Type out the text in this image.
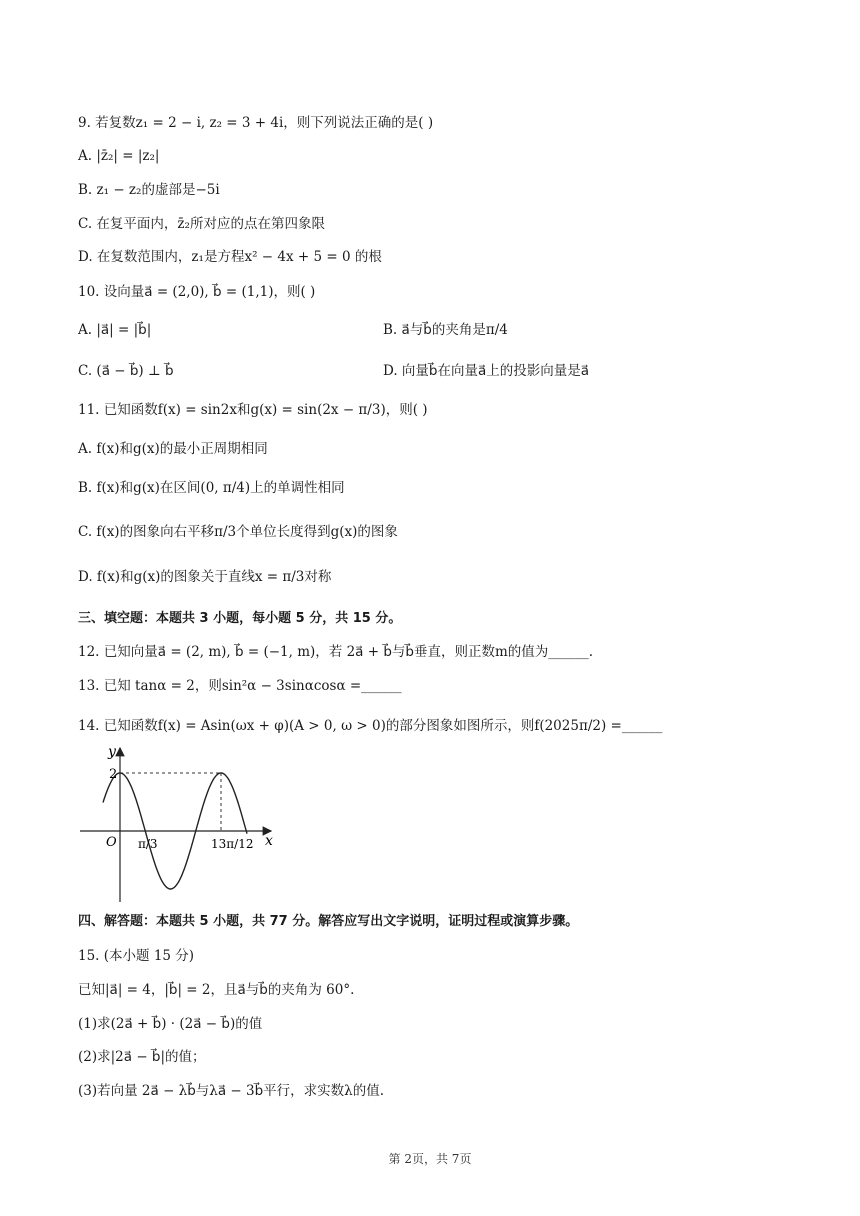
9. 若复数z₁ = 2 − i, z₂ = 3 + 4i，则下列说法正确的是( )
A. |z̄₂| = |z₂|
B. z₁ − z₂的虚部是−5i
C. 在复平面内，z̄₂所对应的点在第四象限
D. 在复数范围内，z₁是方程x² − 4x + 5 = 0 的根
10. 设向量a⃗ = (2,0), b⃗ = (1,1)，则( )
A. |a⃗| = |b⃗|	B. a⃗与b⃗的夹角是π/4
C. (a⃗ − b⃗) ⊥ b⃗	D. 向量b⃗在向量a⃗上的投影向量是a⃗
11. 已知函数f(x) = sin2x和g(x) = sin(2x − π/3)，则( )
A. f(x)和g(x)的最小正周期相同
B. f(x)和g(x)在区间(0, π/4)上的单调性相同
C. f(x)的图象向右平移π/3个单位长度得到g(x)的图象
D. f(x)和g(x)的图象关于直线x = π/3对称
三、填空题：本题共 3 小题，每小题 5 分，共 15 分。
12. 已知向量a⃗ = (2, m), b⃗ = (−1, m)，若 2a⃗ + b⃗与b⃗垂直，则正数m的值为______.
13. 已知 tanα = 2，则sin²α − 3sinαcosα =______
14. 已知函数f(x) = Asin(ωx + φ)(A > 0, ω > 0)的部分图象如图所示，则f(2025π/2) =______
y
x
O
2
π/3	13π/12
四、解答题：本题共 5 小题，共 77 分。解答应写出文字说明，证明过程或演算步骤。
15. (本小题 15 分)
已知|a⃗| = 4，|b⃗| = 2，且a⃗与b⃗的夹角为 60°.
(1)求(2a⃗ + b⃗) · (2a⃗ − b⃗)的值
(2)求|2a⃗ − b⃗|的值；
(3)若向量 2a⃗ − λb⃗与λa⃗ − 3b⃗平行，求实数λ的值.
第 2页，共 7页
